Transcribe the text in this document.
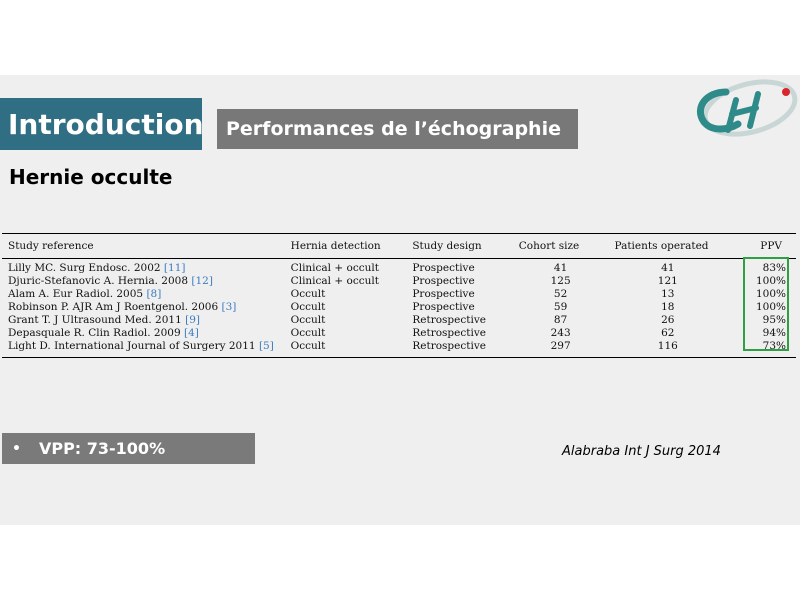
Introduction	Performances de l’échographie
Hernie occulte
Study reference	Hernia detection	Study design	Cohort size	Patients operated	PPV
Lilly MC. Surg Endosc. 2002 [11]	Clinical + occult	Prospective	41	41	83%
Djuric-Stefanovic A. Hernia. 2008 [12]	Clinical + occult	Prospective	125	121	100%
Alam A. Eur Radiol. 2005 [8]	Occult	Prospective	52	13	100%
Robinson P. AJR Am J Roentgenol. 2006 [3]	Occult	Prospective	59	18	100%
Grant T. J Ultrasound Med. 2011 [9]	Occult	Retrospective	87	26	95%
Depasquale R. Clin Radiol. 2009 [4]	Occult	Retrospective	243	62	94%
Light D. International Journal of Surgery 2011 [5]	Occult	Retrospective	297	116	73%
• VPP: 73-100%	Alabraba Int J Surg 2014
